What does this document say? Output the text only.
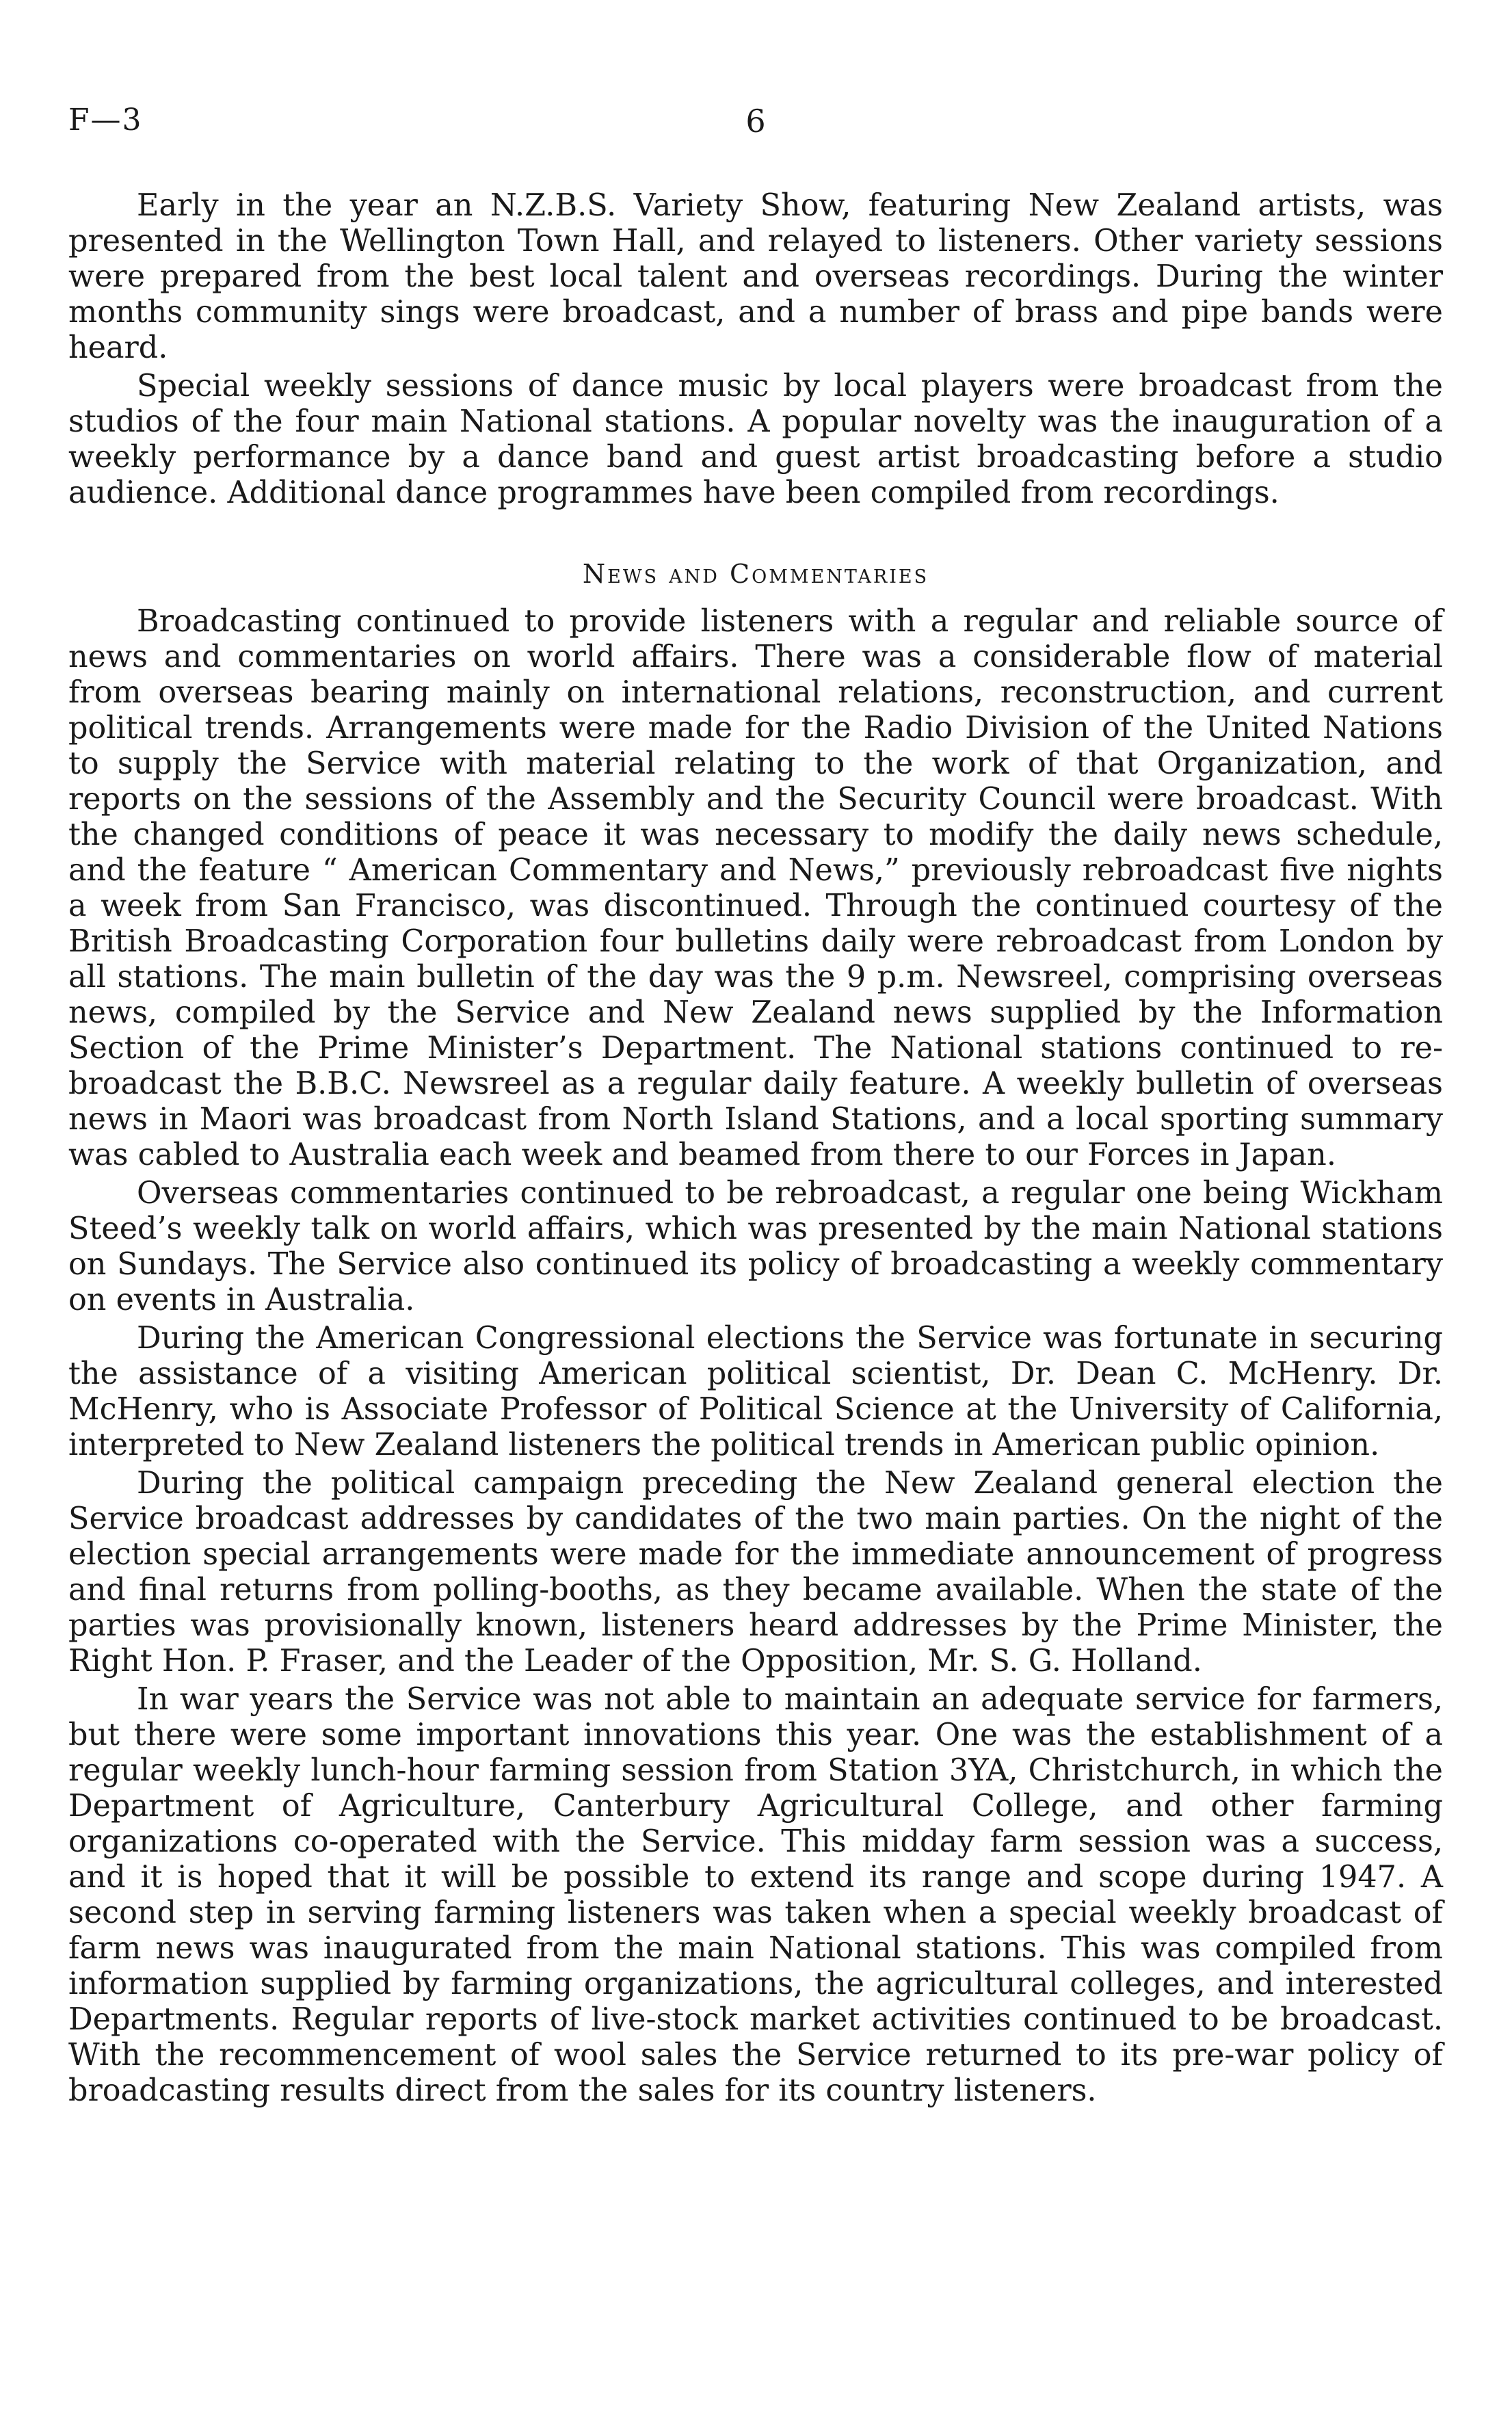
F—3	6

Early in the year an N.Z.B.S. Variety Show, featuring New Zealand artists, was presented in the Wellington Town Hall, and relayed to listeners. Other variety sessions were prepared from the best local talent and overseas recordings. During the winter months community sings were broadcast, and a number of brass and pipe bands were heard.

Special weekly sessions of dance music by local players were broadcast from the studios of the four main National stations. A popular novelty was the inauguration of a weekly performance by a dance band and guest artist broadcasting before a studio audience. Additional dance programmes have been compiled from recordings.

News and Commentaries

Broadcasting continued to provide listeners with a regular and reliable source of news and commentaries on world affairs. There was a considerable flow of material from overseas bearing mainly on international relations, reconstruction, and current political trends. Arrangements were made for the Radio Division of the United Nations to supply the Service with material relating to the work of that Organization, and reports on the sessions of the Assembly and the Security Council were broadcast. With the changed conditions of peace it was necessary to modify the daily news schedule, and the feature “ American Commentary and News,” previously rebroadcast five nights a week from San Francisco, was discontinued. Through the continued courtesy of the British Broadcasting Corporation four bulletins daily were rebroadcast from London by all stations. The main bulletin of the day was the 9 p.m. Newsreel, comprising overseas news, compiled by the Service and New Zealand news supplied by the Information Section of the Prime Minister’s Department. The National stations continued to re-broadcast the B.B.C. Newsreel as a regular daily feature. A weekly bulletin of overseas news in Maori was broadcast from North Island Stations, and a local sporting summary was cabled to Australia each week and beamed from there to our Forces in Japan.

Overseas commentaries continued to be rebroadcast, a regular one being Wickham Steed’s weekly talk on world affairs, which was presented by the main National stations on Sundays. The Service also continued its policy of broadcasting a weekly commentary on events in Australia.

During the American Congressional elections the Service was fortunate in securing the assistance of a visiting American political scientist, Dr. Dean C. McHenry. Dr. McHenry, who is Associate Professor of Political Science at the University of California, interpreted to New Zealand listeners the political trends in American public opinion.

During the political campaign preceding the New Zealand general election the Service broadcast addresses by candidates of the two main parties. On the night of the election special arrangements were made for the immediate announcement of progress and final returns from polling-booths, as they became available. When the state of the parties was provisionally known, listeners heard addresses by the Prime Minister, the Right Hon. P. Fraser, and the Leader of the Opposition, Mr. S. G. Holland.

In war years the Service was not able to maintain an adequate service for farmers, but there were some important innovations this year. One was the establishment of a regular weekly lunch-hour farming session from Station 3YA, Christchurch, in which the Department of Agriculture, Canterbury Agricultural College, and other farming organizations co-operated with the Service. This midday farm session was a success, and it is hoped that it will be possible to extend its range and scope during 1947. A second step in serving farming listeners was taken when a special weekly broadcast of farm news was inaugurated from the main National stations. This was compiled from information supplied by farming organizations, the agricultural colleges, and interested Departments. Regular reports of live-stock market activities continued to be broadcast. With the recommencement of wool sales the Service returned to its pre-war policy of broadcasting results direct from the sales for its country listeners.
